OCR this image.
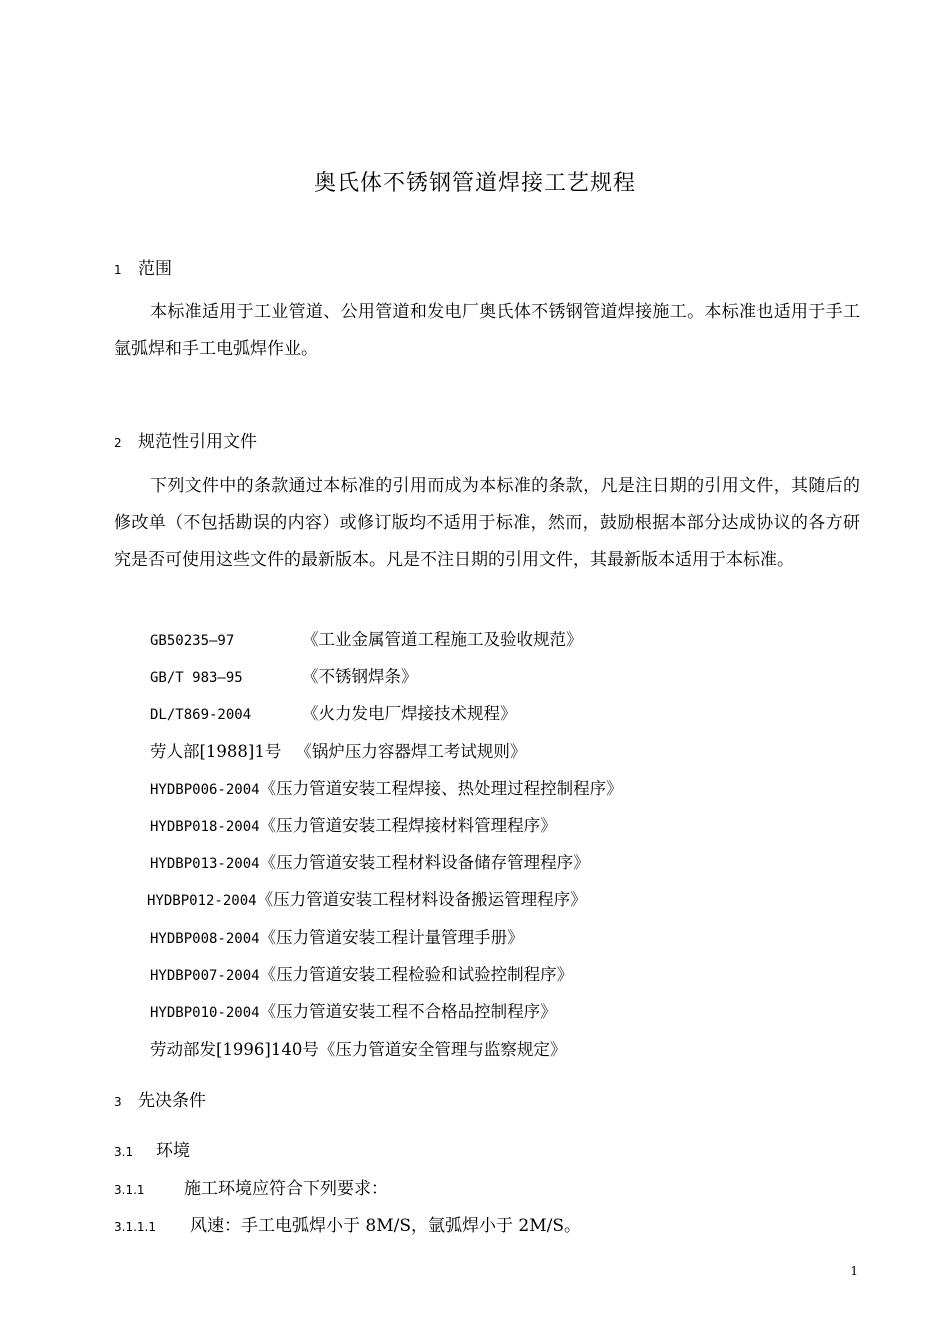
奥氏体不锈钢管道焊接工艺规程
1 范围

本标准适用于工业管道、公用管道和发电厂奥氏体不锈钢管道焊接施工。本标准也适用于手工氩弧焊和手工电弧焊作业。

2 规范性引用文件

下列文件中的条款通过本标准的引用而成为本标准的条款，凡是注日期的引用文件，其随后的修改单（不包括勘误的内容）或修订版均不适用于标准，然而，鼓励根据本部分达成协议的各方研究是否可使用这些文件的最新版本。凡是不注日期的引用文件，其最新版本适用于本标准。

GB50235—97	《工业金属管道工程施工及验收规范》
GB/T 983—95	《不锈钢焊条》
DL/T869-2004	《火力发电厂焊接技术规程》
劳人部[1988]1号 《锅炉压力容器焊工考试规则》
HYDBP006-2004《压力管道安装工程焊接、热处理过程控制程序》
HYDBP018-2004《压力管道安装工程焊接材料管理程序》
HYDBP013-2004《压力管道安装工程材料设备储存管理程序》
HYDBP012-2004《压力管道安装工程材料设备搬运管理程序》
HYDBP008-2004《压力管道安装工程计量管理手册》
HYDBP007-2004《压力管道安装工程检验和试验控制程序》
HYDBP010-2004《压力管道安装工程不合格品控制程序》
劳动部发[1996]140号《压力管道安全管理与监察规定》
3 先决条件
3.1	环境
3.1.1	施工环境应符合下列要求：
3.1.1.1	风速：手工电弧焊小于 8M/S，氩弧焊小于 2M/S。
1
